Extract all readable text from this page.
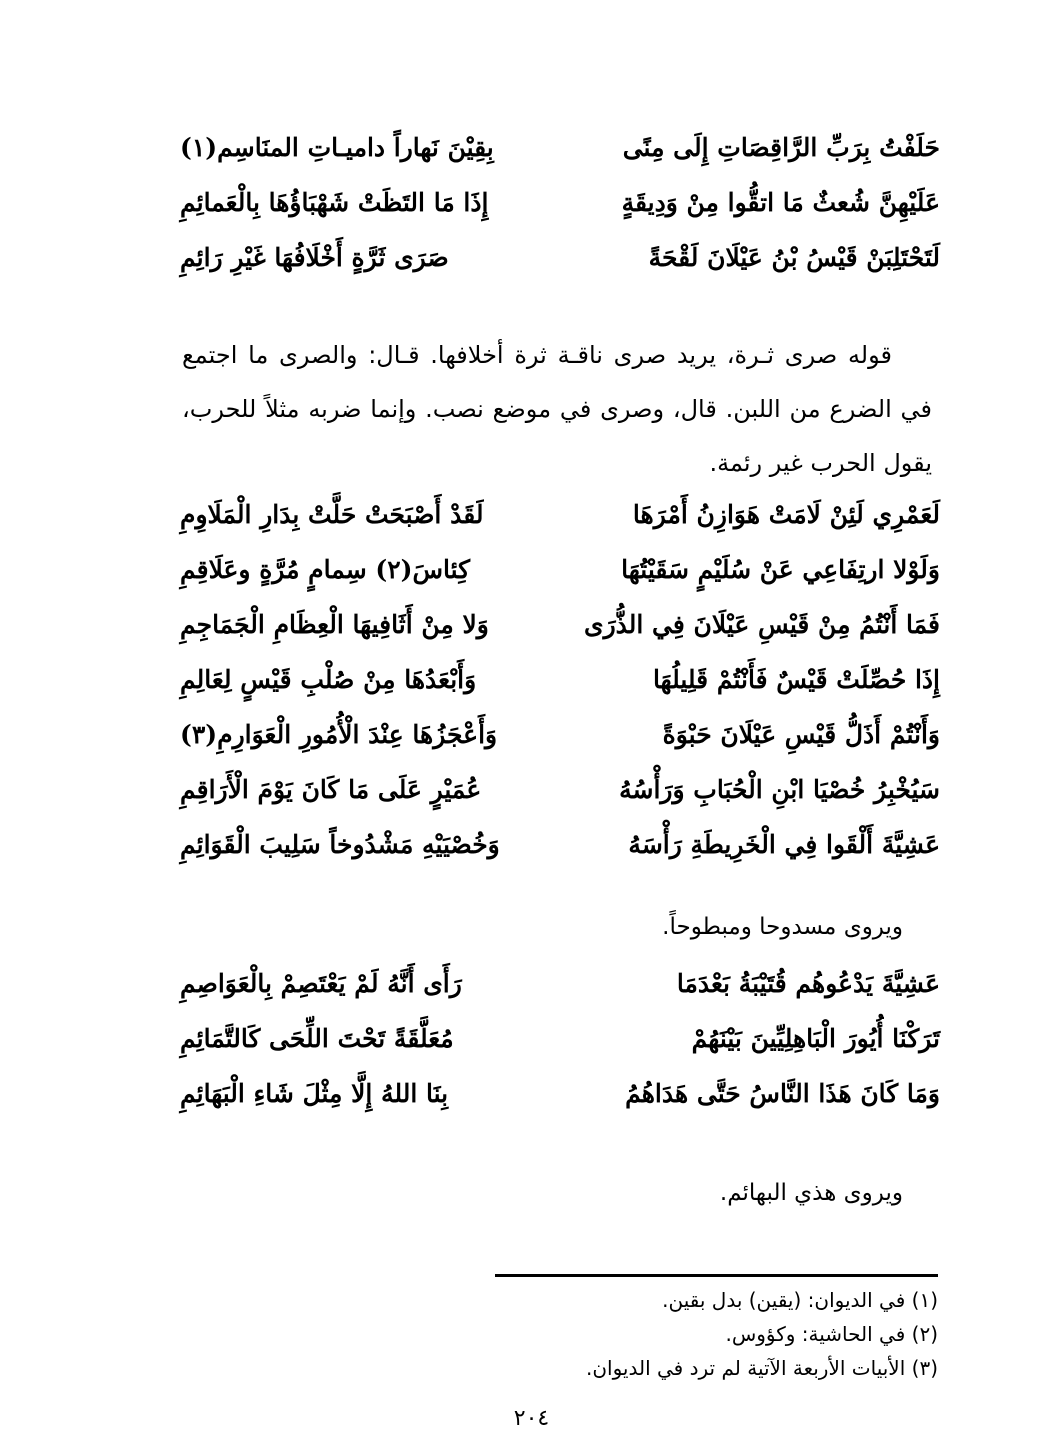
حَلَفْتُ بِرَبِّ الرَّاقِصَاتِ إِلَى مِنًى
بِقِيْنَ نَهاراً داميـاتِ المنَاسِم(١)
عَلَيْهِنَّ شُعثٌ مَا اتقُّوا مِنْ وَدِيقَةٍ
إِذَا مَا التَظَتْ شَهْبَاؤُهَا بِالْعَمائِمِ
لَتَحْتَلِبَنْ قَيْسُ بْنُ عَيْلَانَ لَقْحَةً
صَرَى ثَرَّةٍ أَخْلَافُهَا غَيْرِ رَائِمِ

قوله صرى ثـرة، يريد صرى ناقـة ثرة أخلافها. قـال: والصرى ما اجتمع في الضرع من اللبن. قال، وصرى في موضع نصب. وإنما ضربه مثلاً للحرب، يقول الحرب غير رئمة.

لَعَمْرِي لَئِنْ لَامَتْ هَوَازِنُ أَمْرَهَا
لَقَدْ أَصْبَحَتْ حَلَّتْ بِدَارِ الْمَلَاوِمِ
وَلَوْلا ارتِفَاعِي عَنْ سُلَيْمٍ سَقَيْتُهَا
كِئاسَ(٢) سِمامٍ مُرَّةٍ وعَلَاقِمِ
فَمَا أَنْتُمُ مِنْ قَيْسِ عَيْلَانَ فِي الذُّرَى
وَلا مِنْ أَثَافِيهَا الْعِظَامِ الْجَمَاجِمِ
إِذَا حُصِّلَتْ قَيْسٌ فَأَنْتُمْ قَلِيلُهَا
وَأَبْعَدُهَا مِنْ صُلْبِ قَيْسٍ لِعَالِمِ
وَأَنْتُمْ أَذَلُّ قَيْسِ عَيْلَانَ حَبْوَةً
وَأَعْجَزُهَا عِنْدَ الْأُمُورِ الْعَوَارِمِ(٣)
سَيُخْبِرُ خُصْيَا ابْنِ الْحُبَابِ وَرَأْسُهُ
عُمَيْرٍ عَلَى مَا كَانَ يَوْمَ الْأَرَاقِمِ
عَشِيَّةَ أَلْقَوا فِي الْخَرِيطَةِ رَأْسَهُ
وَخُصْيَيْهِ مَشْدُوخاً سَلِيبَ الْقَوَائِمِ
ويروى مسدوحا ومبطوحاً.
عَشِيَّةَ يَدْعُوهُم قُتَيْبَةُ بَعْدَمَا
رَأَى أَنَّهُ لَمْ يَعْتَصِمْ بِالْعَوَاصِمِ
تَرَكْنَا أُيُورَ الْبَاهِلِيِّينَ بَيْنَهُمْ
مُعَلَّقَةً تَحْتَ اللِّحَى كَالتَّمَائِمِ
وَمَا كَانَ هَذَا النَّاسُ حَتَّى هَدَاهُمُ
بِنَا اللهُ إِلَّا مِثْلَ شَاءِ الْبَهَائِمِ
ويروى هذي البهائم.
(١) في الديوان: (يقين) بدل بقين.
(٢) في الحاشية: وكؤوس.
(٣) الأبيات الأربعة الآتية لم ترد في الديوان.
٢٠٤
